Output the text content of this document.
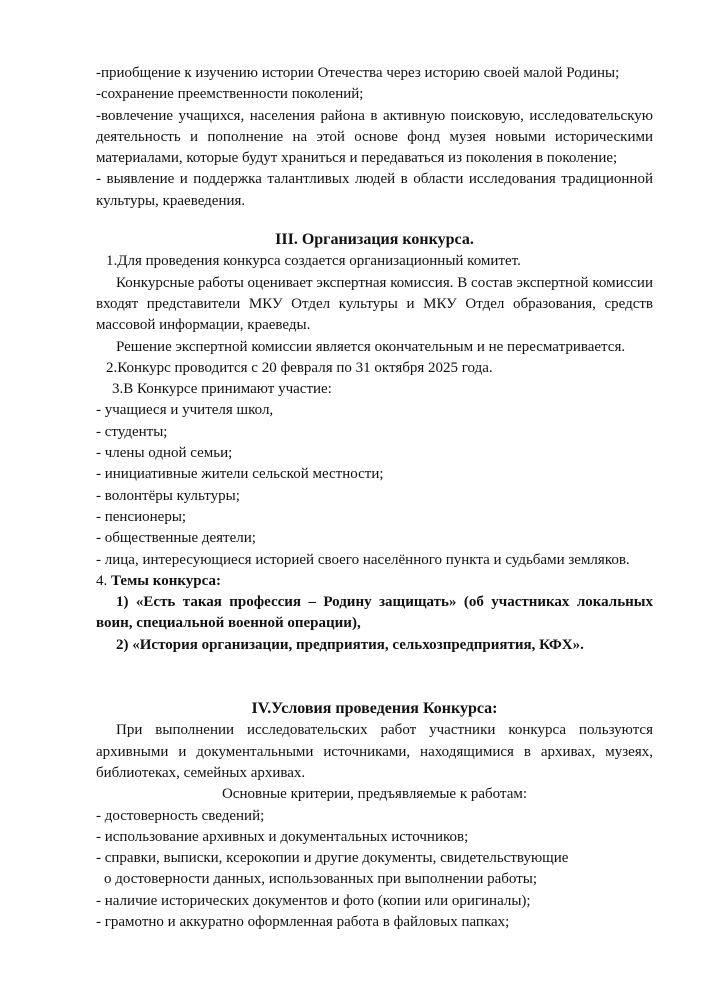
-приобщение к изучению истории Отечества через историю своей малой Родины;

-сохранение преемственности поколений;

-вовлечение учащихся, населения района в активную поисковую, исследовательскую деятельность и пополнение на этой основе фонд музея новыми историческими материалами, которые будут храниться и передаваться из поколения в поколение;

- выявление и поддержка талантливых людей в области исследования традиционной культуры, краеведения.

III. Организация конкурса.

1.Для проведения конкурса создается организационный комитет.

Конкурсные работы оценивает экспертная комиссия. В состав экспертной комиссии входят представители МКУ Отдел культуры и МКУ Отдел образования, средств массовой информации, краеведы.

Решение экспертной комиссии является окончательным и не пересматривается.

2.Конкурс проводится с 20 февраля по 31 октября 2025 года.

3.В Конкурсе принимают участие:

- учащиеся и учителя школ,

- студенты;

- члены одной семьи;

- инициативные жители сельской местности;

- волонтёры культуры;

- пенсионеры;

- общественные деятели;

- лица, интересующиеся историей своего населённого пункта и судьбами земляков.

4. Темы конкурса:

1) «Есть такая профессия – Родину защищать» (об участниках локальных воин, специальной военной операции),

2) «История организации, предприятия, сельхозпредприятия, КФХ».

IV.Условия проведения Конкурса:

При выполнении исследовательских работ участники конкурса пользуются архивными и документальными источниками, находящимися в архивах, музеях, библиотеках, семейных архивах.

Основные критерии, предъявляемые к работам:

- достоверность сведений;

- использование архивных и документальных источников;

- справки, выписки, ксерокопии и другие документы, свидетельствующие

о достоверности данных, использованных при выполнении работы;

- наличие исторических документов и фото (копии или оригиналы);

- грамотно и аккуратно оформленная работа в файловых папках;
